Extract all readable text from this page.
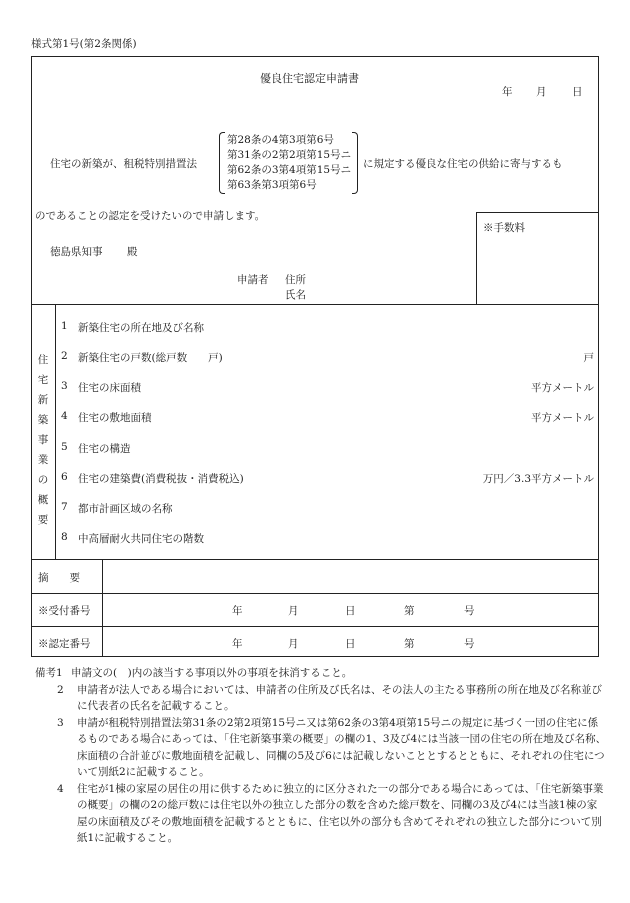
様式第1号(第2条関係)
優良住宅認定申請書
年 月 日
住宅の新築が、租税特別措置法
第28条の4第3項第6号
第31条の2第2項第15号ニ
第62条の3第4項第15号ニ
第63条第3項第6号
に規定する優良な住宅の供給に寄与するも
のであることの認定を受けたいので申請します。
※手数料
徳島県知事 殿
申請者 住所
氏名
住宅新築事業の概要
1 新築住宅の所在地及び名称
2 新築住宅の戸数(総戸数　　戸)	戸
3 住宅の床面積	平方メートル
4 住宅の敷地面積	平方メートル
5 住宅の構造
6 住宅の建築費(消費税抜・消費税込)	万円／3.3平方メートル
7 都市計画区域の名称
8 中高層耐火共同住宅の階数
摘　　要
※受付番号	年	月	日	第	号
※認定番号	年	月	日	第	号
備考1 申請文の(　)内の該当する事項以外の事項を抹消すること。
2	申請者が法人である場合においては、申請者の住所及び氏名は、その法人の主たる事務所の所在地及び名称並びに代表者の氏名を記載すること。
3	申請が租税特別措置法第31条の2第2項第15号ニ又は第62条の3第4項第15号ニの規定に基づく一団の住宅に係るものである場合にあっては、「住宅新築事業の概要」の欄の1、3及び4には当該一団の住宅の所在地及び名称、床面積の合計並びに敷地面積を記載し、同欄の5及び6には記載しないこととするとともに、それぞれの住宅について別紙2に記載すること。
4	住宅が1棟の家屋の居住の用に供するために独立的に区分された一の部分である場合にあっては、「住宅新築事業の概要」の欄の2の総戸数には住宅以外の独立した部分の数を含めた総戸数を、同欄の3及び4には当該1棟の家屋の床面積及びその敷地面積を記載するとともに、住宅以外の部分も含めてそれぞれの独立した部分について別紙1に記載すること。
